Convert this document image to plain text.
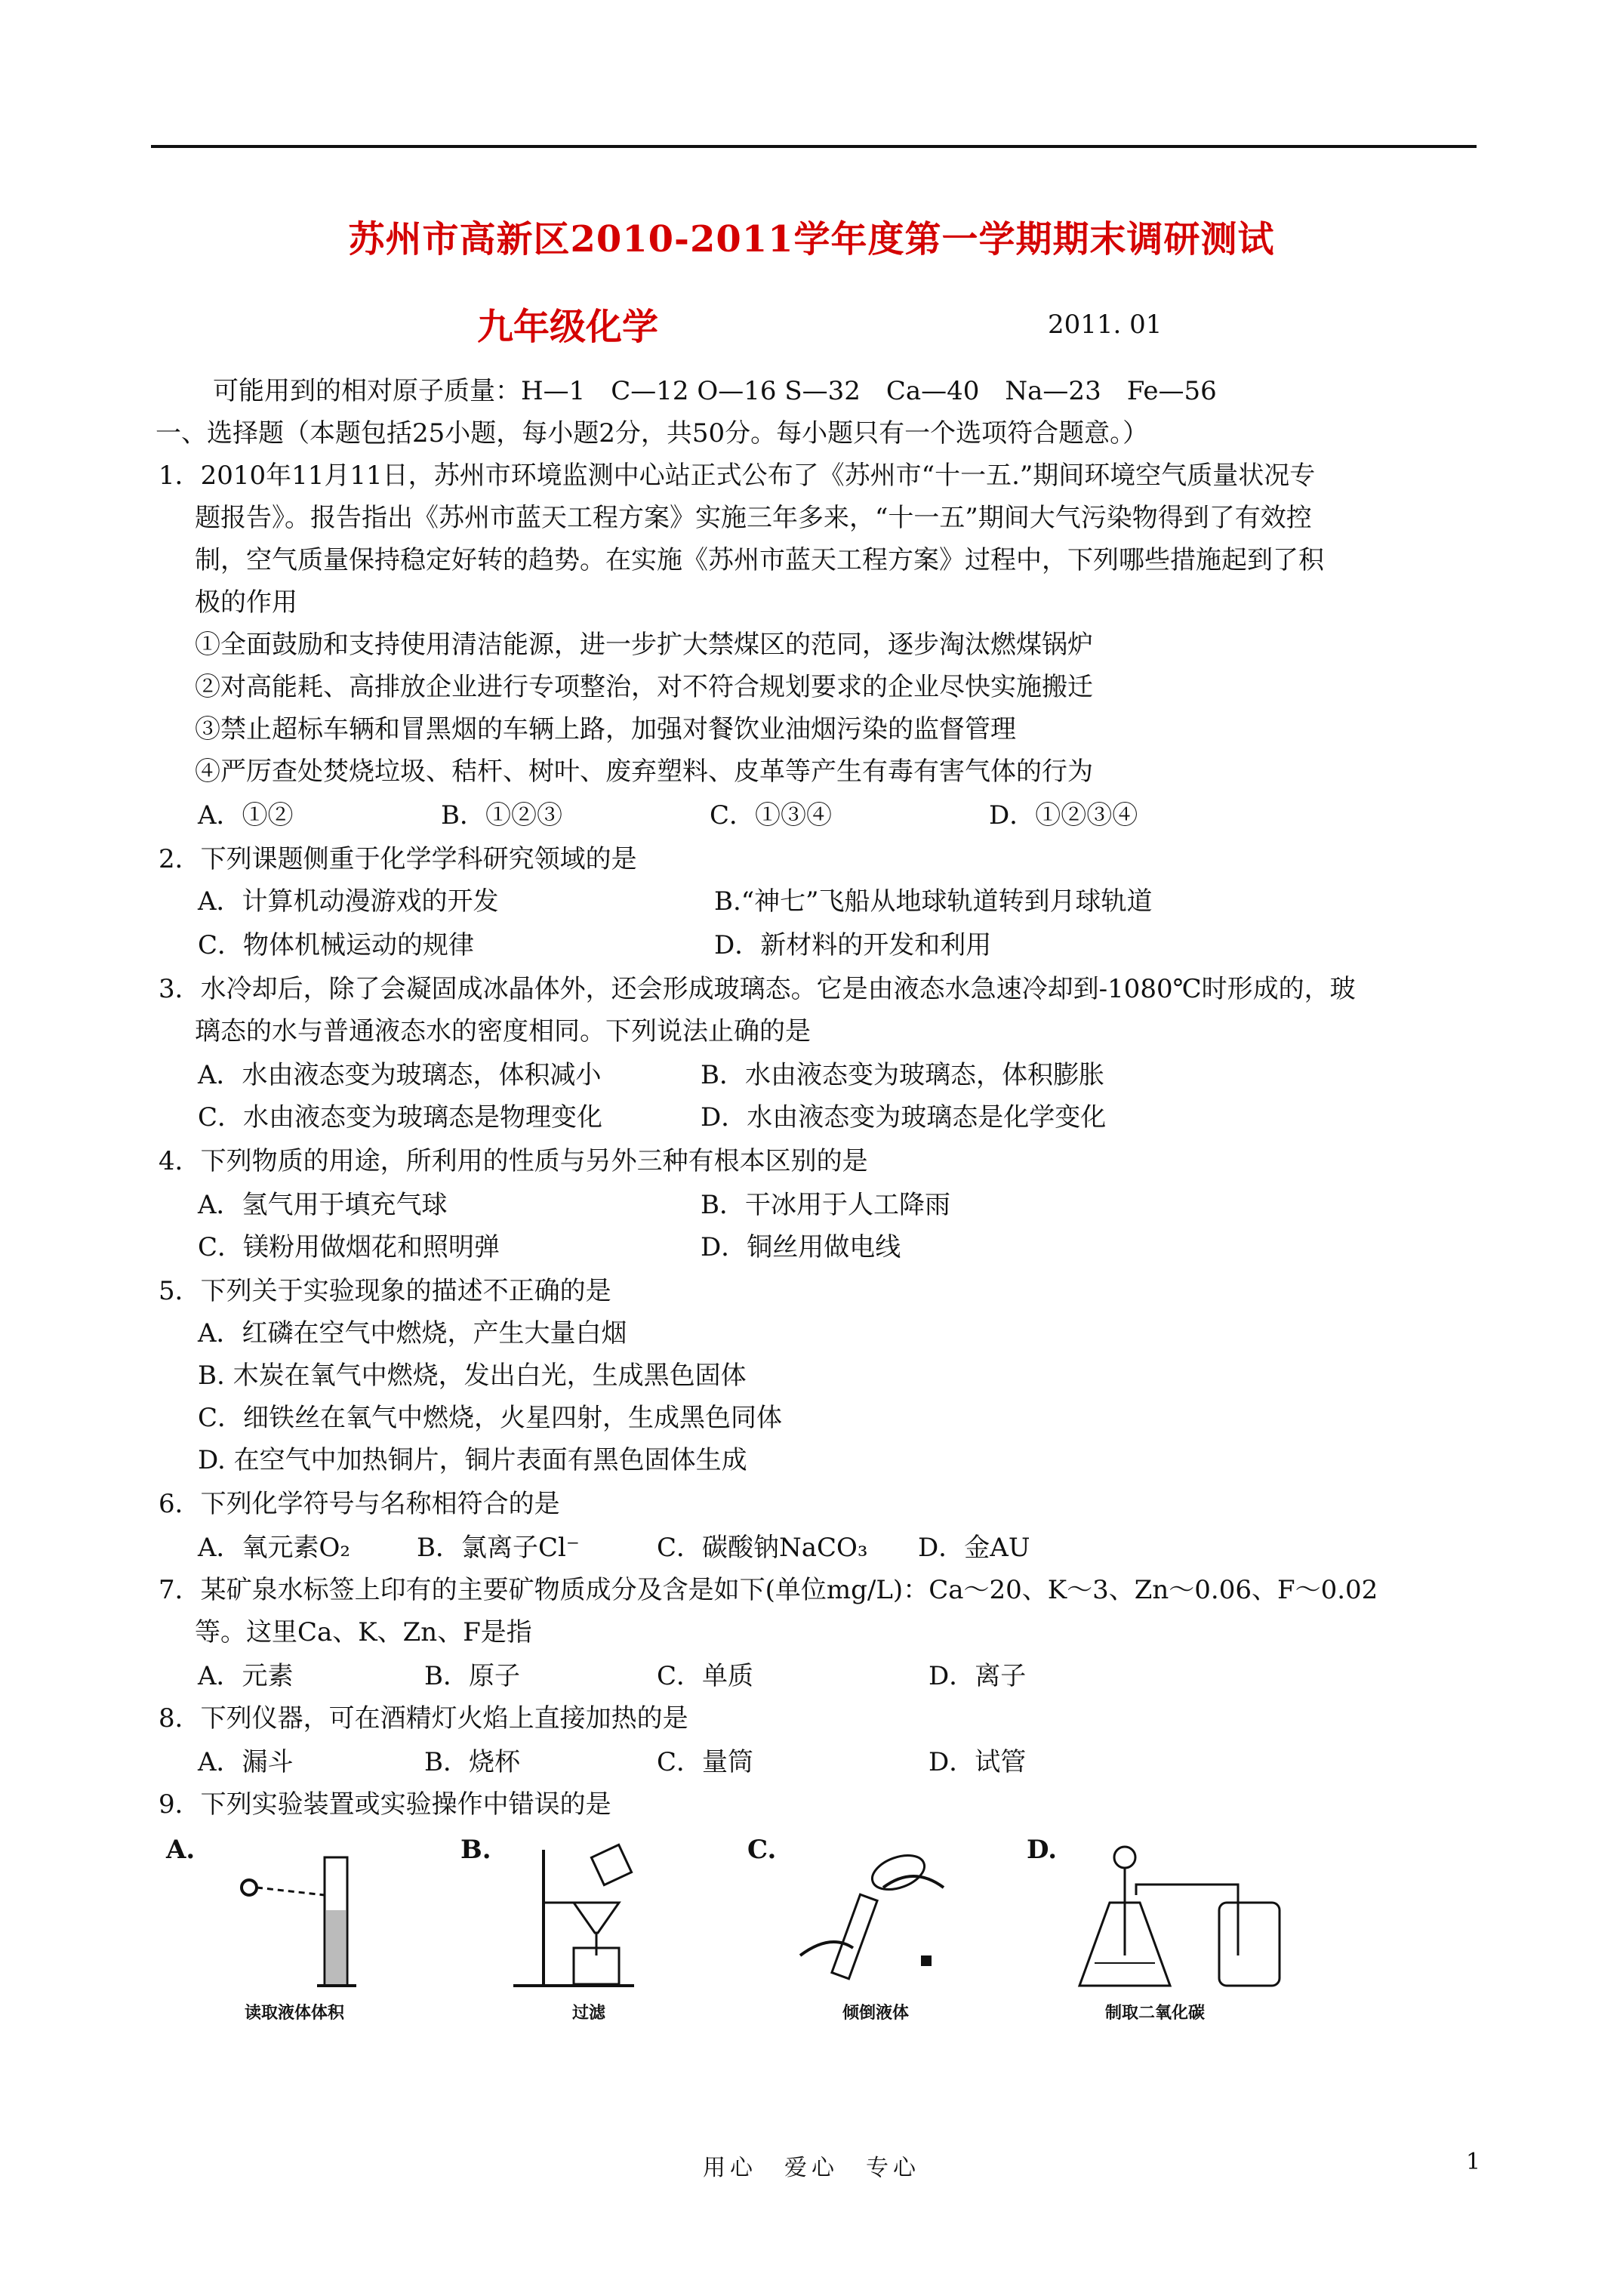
苏州市高新区2010-2011学年度第一学期期末调研测试
九年级化学	2011. 01
可能用到的相对原子质量：H—1　C—12 O—16 S—32　Ca—40　Na—23　Fe—56
一、选择题（本题包括25小题，每小题2分，共50分。每小题只有一个选项符合题意。）
1．2010年11月11日，苏州市环境监测中心站正式公布了《苏州市“十一五.”期间环境空气质量状况专
题报告》。报告指出《苏州市蓝天工程方案》实施三年多来，“十一五”期间大气污染物得到了有效控
制，空气质量保持稳定好转的趋势。在实施《苏州市蓝天工程方案》过程中，下列哪些措施起到了积
极的作用
①全面鼓励和支持使用清洁能源，进一步扩大禁煤区的范同，逐步淘汰燃煤锅炉
②对高能耗、高排放企业进行专项整治，对不符合规划要求的企业尽快实施搬迁
③禁止超标车辆和冒黑烟的车辆上路，加强对餐饮业油烟污染的监督管理
④严厉查处焚烧垃圾、秸杆、树叶、废弃塑料、皮革等产生有毒有害气体的行为
A．①②	B．①②③	C．①③④	D．①②③④
2．下列课题侧重于化学学科研究领域的是
A．计算机动漫游戏的开发	B.“神七”飞船从地球轨道转到月球轨道
C．物体机械运动的规律	D．新材料的开发和利用
3．水冷却后，除了会凝固成冰晶体外，还会形成玻璃态。它是由液态水急速冷却到-1080℃时形成的，玻
璃态的水与普通液态水的密度相同。下列说法止确的是
A．水由液态变为玻璃态，体积减小	B．水由液态变为玻璃态，体积膨胀
C．水由液态变为玻璃态是物理变化	D．水由液态变为玻璃态是化学变化
4．下列物质的用途，所利用的性质与另外三种有根本区别的是
A．氢气用于填充气球	B．干冰用于人工降雨
C．镁粉用做烟花和照明弹	D．铜丝用做电线
5．下列关于实验现象的描述不正确的是
A．红磷在空气中燃烧，产生大量白烟
B. 木炭在氧气中燃烧，发出白光，生成黑色固体
C．细铁丝在氧气中燃烧，火星四射，生成黑色同体
D. 在空气中加热铜片，铜片表面有黑色固体生成
6．下列化学符号与名称相符合的是
A．氧元素O₂	B．氯离子Cl⁻	C．碳酸钠NaCO₃ D．金AU
7．某矿泉水标签上印有的主要矿物质成分及含是如下(单位mg/L)：Ca～20、K～3、Zn～0.06、F～0.02
等。这里Ca、K、Zn、F是指
A．元素	B．原子	C．单质	D．离子
8．下列仪器，可在酒精灯火焰上直接加热的是
A．漏斗	B．烧杯	C．量筒	D．试管
9．下列实验装置或实验操作中错误的是
A.
读取液体体积
B.
过滤
C.
倾倒液体
D.
制取二氧化碳
用心　爱心　专心	1
